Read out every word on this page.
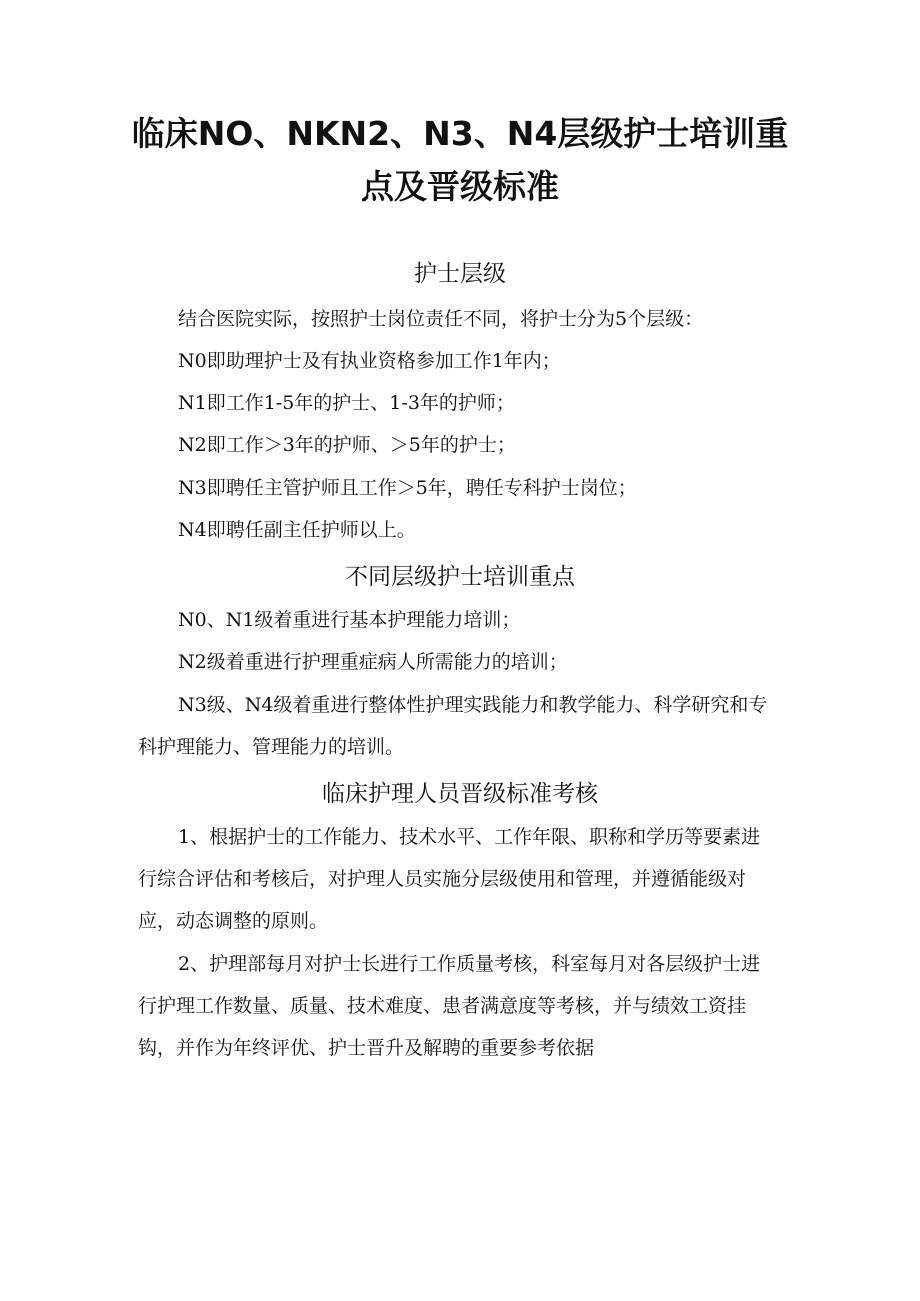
临床NO、NKN2、N3、N4层级护士培训重
点及晋级标准
护士层级

结合医院实际，按照护士岗位责任不同，将护士分为5个层级：

N0即助理护士及有执业资格参加工作1年内；

N1即工作1-5年的护士、1-3年的护师；

N2即工作＞3年的护师、＞5年的护士；

N3即聘任主管护师且工作＞5年，聘任专科护士岗位；

N4即聘任副主任护师以上。

不同层级护士培训重点

N0、N1级着重进行基本护理能力培训；

N2级着重进行护理重症病人所需能力的培训；

N3级、N4级着重进行整体性护理实践能力和教学能力、科学研究和专

科护理能力、管理能力的培训。

临床护理人员晋级标准考核

1、根据护士的工作能力、技术水平、工作年限、职称和学历等要素进

行综合评估和考核后，对护理人员实施分层级使用和管理，并遵循能级对

应，动态调整的原则。

2、护理部每月对护士长进行工作质量考核，科室每月对各层级护士进

行护理工作数量、质量、技术难度、患者满意度等考核，并与绩效工资挂

钩，并作为年终评优、护士晋升及解聘的重要参考依据
